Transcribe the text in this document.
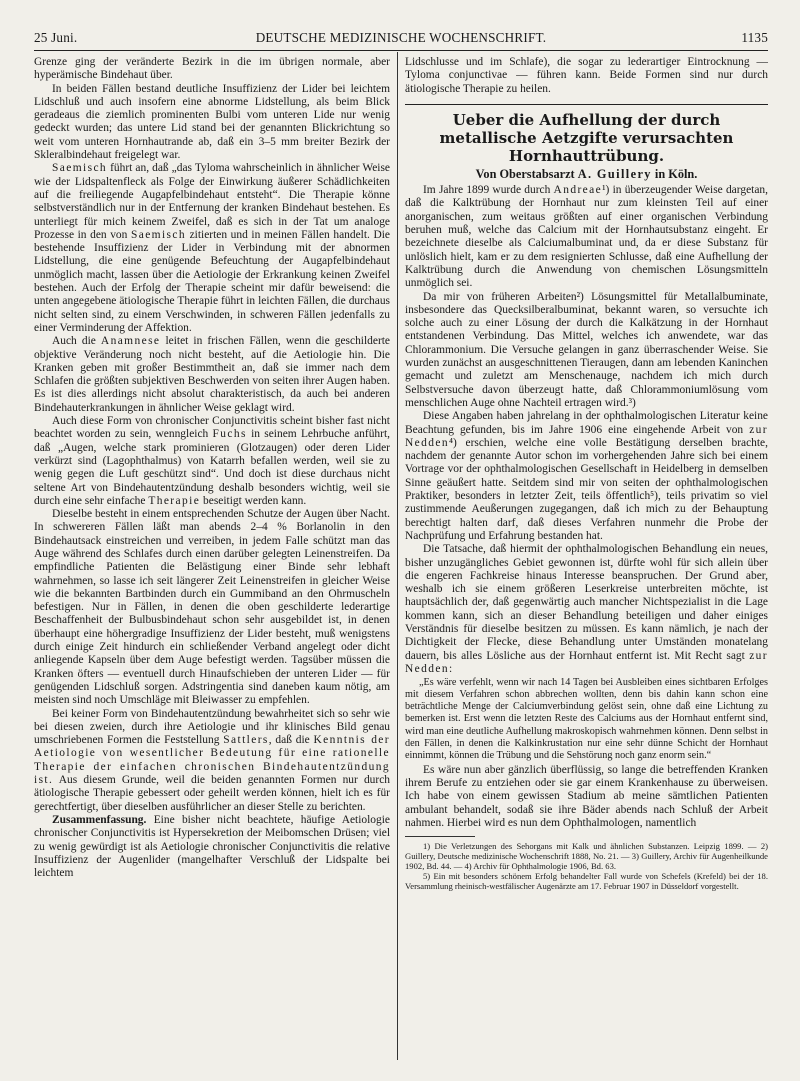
25 Juni.	DEUTSCHE MEDIZINISCHE WOCHENSCHRIFT.	1135

Grenze ging der veränderte Bezirk in die im übrigen normale, aber hyperämische Bindehaut über.

In beiden Fällen bestand deutliche Insuffizienz der Lider bei leichtem Lidschluß und auch insofern eine abnorme Lidstellung, als beim Blick geradeaus die ziemlich prominenten Bulbi vom unteren Lide nur wenig gedeckt wurden; das untere Lid stand bei der genannten Blickrichtung so weit vom unteren Hornhautrande ab, daß ein 3–5 mm breiter Bezirk der Skleralbindehaut freigelegt war.

Saemisch führt an, daß „das Tyloma wahrscheinlich in ähnlicher Weise wie der Lidspaltenfleck als Folge der Einwirkung äußerer Schädlichkeiten auf die freiliegende Augapfelbindehaut entsteht“. Die Therapie könne selbstverständlich nur in der Entfernung der kranken Bindehaut bestehen. Es unterliegt für mich keinem Zweifel, daß es sich in der Tat um analoge Prozesse in den von Saemisch zitierten und in meinen Fällen handelt. Die bestehende Insuffizienz der Lider in Verbindung mit der abnormen Lidstellung, die eine genügende Befeuchtung der Augapfelbindehaut unmöglich macht, lassen über die Aetiologie der Erkrankung keinen Zweifel bestehen. Auch der Erfolg der Therapie scheint mir dafür beweisend: die unten angegebene ätiologische Therapie führt in leichten Fällen, die durchaus nicht selten sind, zu einem Verschwinden, in schweren Fällen jedenfalls zu einer Verminderung der Affektion.

Auch die Anamnese leitet in frischen Fällen, wenn die geschilderte objektive Veränderung noch nicht besteht, auf die Aetiologie hin. Die Kranken geben mit großer Bestimmtheit an, daß sie immer nach dem Schlafen die größten subjektiven Beschwerden von seiten ihrer Augen haben. Es ist dies allerdings nicht absolut charakteristisch, da auch bei anderen Bindehauterkrankungen in ähnlicher Weise geklagt wird.

Auch diese Form von chronischer Conjunctivitis scheint bisher fast nicht beachtet worden zu sein, wenngleich Fuchs in seinem Lehrbuche anführt, daß „Augen, welche stark prominieren (Glotzaugen) oder deren Lider verkürzt sind (Lagophthalmus) von Katarrh befallen werden, weil sie zu wenig gegen die Luft geschützt sind“. Und doch ist diese durchaus nicht seltene Art von Bindehautentzündung deshalb besonders wichtig, weil sie durch eine sehr einfache Therapie beseitigt werden kann.

Dieselbe besteht in einem entsprechenden Schutze der Augen über Nacht. In schwereren Fällen läßt man abends 2–4 % Borlanolin in den Bindehautsack einstreichen und verreiben, in jedem Falle schützt man das Auge während des Schlafes durch einen darüber gelegten Leinenstreifen. Da empfindliche Patienten die Belästigung einer Binde sehr lebhaft wahrnehmen, so lasse ich seit längerer Zeit Leinenstreifen in gleicher Weise wie die bekannten Bartbinden durch ein Gummiband an den Ohrmuscheln befestigen. Nur in Fällen, in denen die oben geschilderte lederartige Beschaffenheit der Bulbusbindehaut schon sehr ausgebildet ist, in denen überhaupt eine höhergradige Insuffizienz der Lider besteht, muß wenigstens durch einige Zeit hindurch ein schließender Verband angelegt oder dicht anliegende Kapseln über dem Auge befestigt werden. Tagsüber müssen die Kranken öfters — eventuell durch Hinaufschieben der unteren Lider — für genügenden Lidschluß sorgen. Adstringentia sind daneben kaum nötig, am meisten sind noch Umschläge mit Bleiwasser zu empfehlen.

Bei keiner Form von Bindehautentzündung bewahrheitet sich so sehr wie bei diesen zweien, durch ihre Aetiologie und ihr klinisches Bild genau umschriebenen Formen die Feststellung Sattlers, daß die Kenntnis der Aetiologie von wesentlicher Bedeutung für eine rationelle Therapie der einfachen chronischen Bindehautentzündung ist. Aus diesem Grunde, weil die beiden genannten Formen nur durch ätiologische Therapie gebessert oder geheilt werden können, hielt ich es für gerechtfertigt, über dieselben ausführlicher an dieser Stelle zu berichten.

Zusammenfassung. Eine bisher nicht beachtete, häufige Aetiologie chronischer Conjunctivitis ist Hypersekretion der Meibomschen Drüsen; viel zu wenig gewürdigt ist als Aetiologie chronischer Conjunctivitis die relative Insuffizienz der Augenlider (mangelhafter Verschluß der Lidspalte bei leichtem

Lidschlusse und im Schlafe), die sogar zu lederartiger Eintrocknung — Tyloma conjunctivae — führen kann. Beide Formen sind nur durch ätiologische Therapie zu heilen.

Ueber die Aufhellung der durch metallische Aetzgifte verursachten Hornhauttrübung.
Von Oberstabsarzt A. Guillery in Köln.

Im Jahre 1899 wurde durch Andreae¹) in überzeugender Weise dargetan, daß die Kalktrübung der Hornhaut nur zum kleinsten Teil auf einer anorganischen, zum weitaus größten auf einer organischen Verbindung beruhen muß, welche das Calcium mit der Hornhautsubstanz eingeht. Er bezeichnete dieselbe als Calciumalbuminat und, da er diese Substanz für unlöslich hielt, kam er zu dem resignierten Schlusse, daß eine Aufhellung der Kalktrübung durch die Anwendung von chemischen Lösungsmitteln unmöglich sei.

Da mir von früheren Arbeiten²) Lösungsmittel für Metallalbuminate, insbesondere das Quecksilberalbuminat, bekannt waren, so versuchte ich solche auch zu einer Lösung der durch die Kalkätzung in der Hornhaut entstandenen Verbindung. Das Mittel, welches ich anwendete, war das Chlorammonium. Die Versuche gelangen in ganz überraschender Weise. Sie wurden zunächst an ausgeschnittenen Tieraugen, dann am lebenden Kaninchen gemacht und zuletzt am Menschenauge, nachdem ich mich durch Selbstversuche davon überzeugt hatte, daß Chlorammoniumlösung vom menschlichen Auge ohne Nachteil ertragen wird.³)

Diese Angaben haben jahrelang in der ophthalmologischen Literatur keine Beachtung gefunden, bis im Jahre 1906 eine eingehende Arbeit von zur Nedden⁴) erschien, welche eine volle Bestätigung derselben brachte, nachdem der genannte Autor schon im vorhergehenden Jahre sich bei einem Vortrage vor der ophthalmologischen Gesellschaft in Heidelberg in demselben Sinne geäußert hatte. Seitdem sind mir von seiten der ophthalmologischen Praktiker, besonders in letzter Zeit, teils öffentlich⁵), teils privatim so viel zustimmende Aeußerungen zugegangen, daß ich mich zu der Behauptung berechtigt halten darf, daß dieses Verfahren nunmehr die Probe der Nachprüfung und Erfahrung bestanden hat.

Die Tatsache, daß hiermit der ophthalmologischen Behandlung ein neues, bisher unzugängliches Gebiet gewonnen ist, dürfte wohl für sich allein über die engeren Fachkreise hinaus Interesse beanspruchen. Der Grund aber, weshalb ich sie einem größeren Leserkreise unterbreiten möchte, ist hauptsächlich der, daß gegenwärtig auch mancher Nichtspezialist in die Lage kommen kann, sich an dieser Behandlung beteiligen und daher einiges Verständnis für dieselbe besitzen zu müssen. Es kann nämlich, je nach der Dichtigkeit der Flecke, diese Behandlung unter Umständen monatelang dauern, bis alles Lösliche aus der Hornhaut entfernt ist. Mit Recht sagt zur Nedden:

„Es wäre verfehlt, wenn wir nach 14 Tagen bei Ausbleiben eines sichtbaren Erfolges mit diesem Verfahren schon abbrechen wollten, denn bis dahin kann schon eine beträchtliche Menge der Calciumverbindung gelöst sein, ohne daß eine Lichtung zu bemerken ist. Erst wenn die letzten Reste des Calciums aus der Hornhaut entfernt sind, wird man eine deutliche Aufhellung makroskopisch wahrnehmen können. Denn selbst in den Fällen, in denen die Kalkinkrustation nur eine sehr dünne Schicht der Hornhaut einnimmt, können die Trübung und die Sehstörung noch ganz enorm sein.“

Es wäre nun aber gänzlich überflüssig, so lange die betreffenden Kranken ihrem Berufe zu entziehen oder sie gar einem Krankenhause zu überweisen. Ich habe von einem gewissen Stadium ab meine sämtlichen Patienten ambulant behandelt, sodaß sie ihre Bäder abends nach Schluß der Arbeit nahmen. Hierbei wird es nun dem Ophthalmologen, namentlich

1) Die Verletzungen des Sehorgans mit Kalk und ähnlichen Substanzen. Leipzig 1899. — 2) Guillery, Deutsche medizinische Wochenschrift 1888, No. 21. — 3) Guillery, Archiv für Augenheilkunde 1902, Bd. 44. — 4) Archiv für Ophthalmologie 1906, Bd. 63.

5) Ein mit besonders schönem Erfolg behandelter Fall wurde von Schefels (Krefeld) bei der 18. Versammlung rheinisch-westfälischer Augenärzte am 17. Februar 1907 in Düsseldorf vorgestellt.
